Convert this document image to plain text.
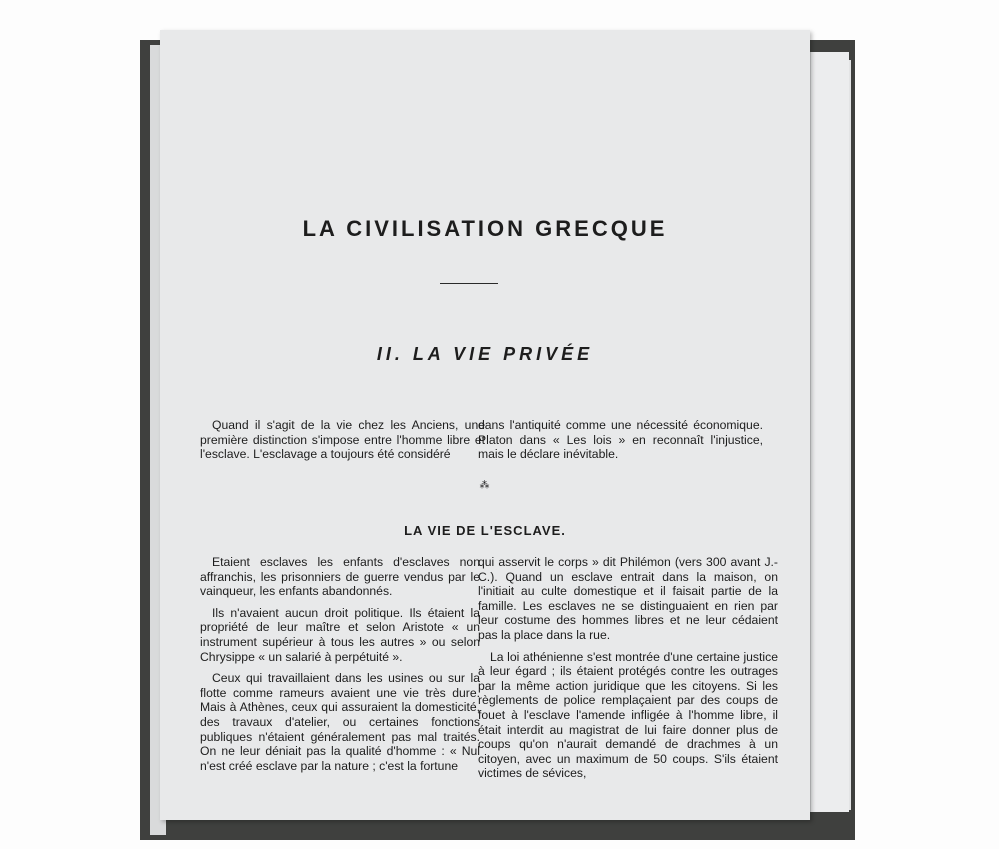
LA CIVILISATION GRECQUE
II. LA VIE PRIVÉE

Quand il s'agit de la vie chez les Anciens, une première distinction s'impose entre l'homme libre et l'esclave. L'esclavage a toujours été considéré

dans l'antiquité comme une nécessité économique. Platon dans « Les lois » en reconnaît l'injustice, mais le déclare inévitable.

⁂
LA VIE DE L'ESCLAVE.

Etaient esclaves les enfants d'esclaves non affranchis, les prisonniers de guerre vendus par le vainqueur, les enfants abandonnés.

Ils n'avaient aucun droit politique. Ils étaient la propriété de leur maître et selon Aristote « un instrument supérieur à tous les autres » ou selon Chrysippe « un salarié à perpétuité ».

Ceux qui travaillaient dans les usines ou sur la flotte comme rameurs avaient une vie très dure. Mais à Athènes, ceux qui assuraient la domesticité, des travaux d'atelier, ou certaines fonctions publiques n'étaient généralement pas mal traités. On ne leur déniait pas la qualité d'homme : « Nul n'est créé esclave par la nature ; c'est la fortune

qui asservit le corps » dit Philémon (vers 300 avant J.-C.). Quand un esclave entrait dans la maison, on l'initiait au culte domestique et il faisait partie de la famille. Les esclaves ne se distinguaient en rien par leur costume des hommes libres et ne leur cédaient pas la place dans la rue.

La loi athénienne s'est montrée d'une certaine justice à leur égard ; ils étaient protégés contre les outrages par la même action juridique que les citoyens. Si les règlements de police remplaçaient par des coups de fouet à l'esclave l'amende infligée à l'homme libre, il était interdit au magistrat de lui faire donner plus de coups qu'on n'aurait demandé de drachmes à un citoyen, avec un maximum de 50 coups. S'ils étaient victimes de sévices,
